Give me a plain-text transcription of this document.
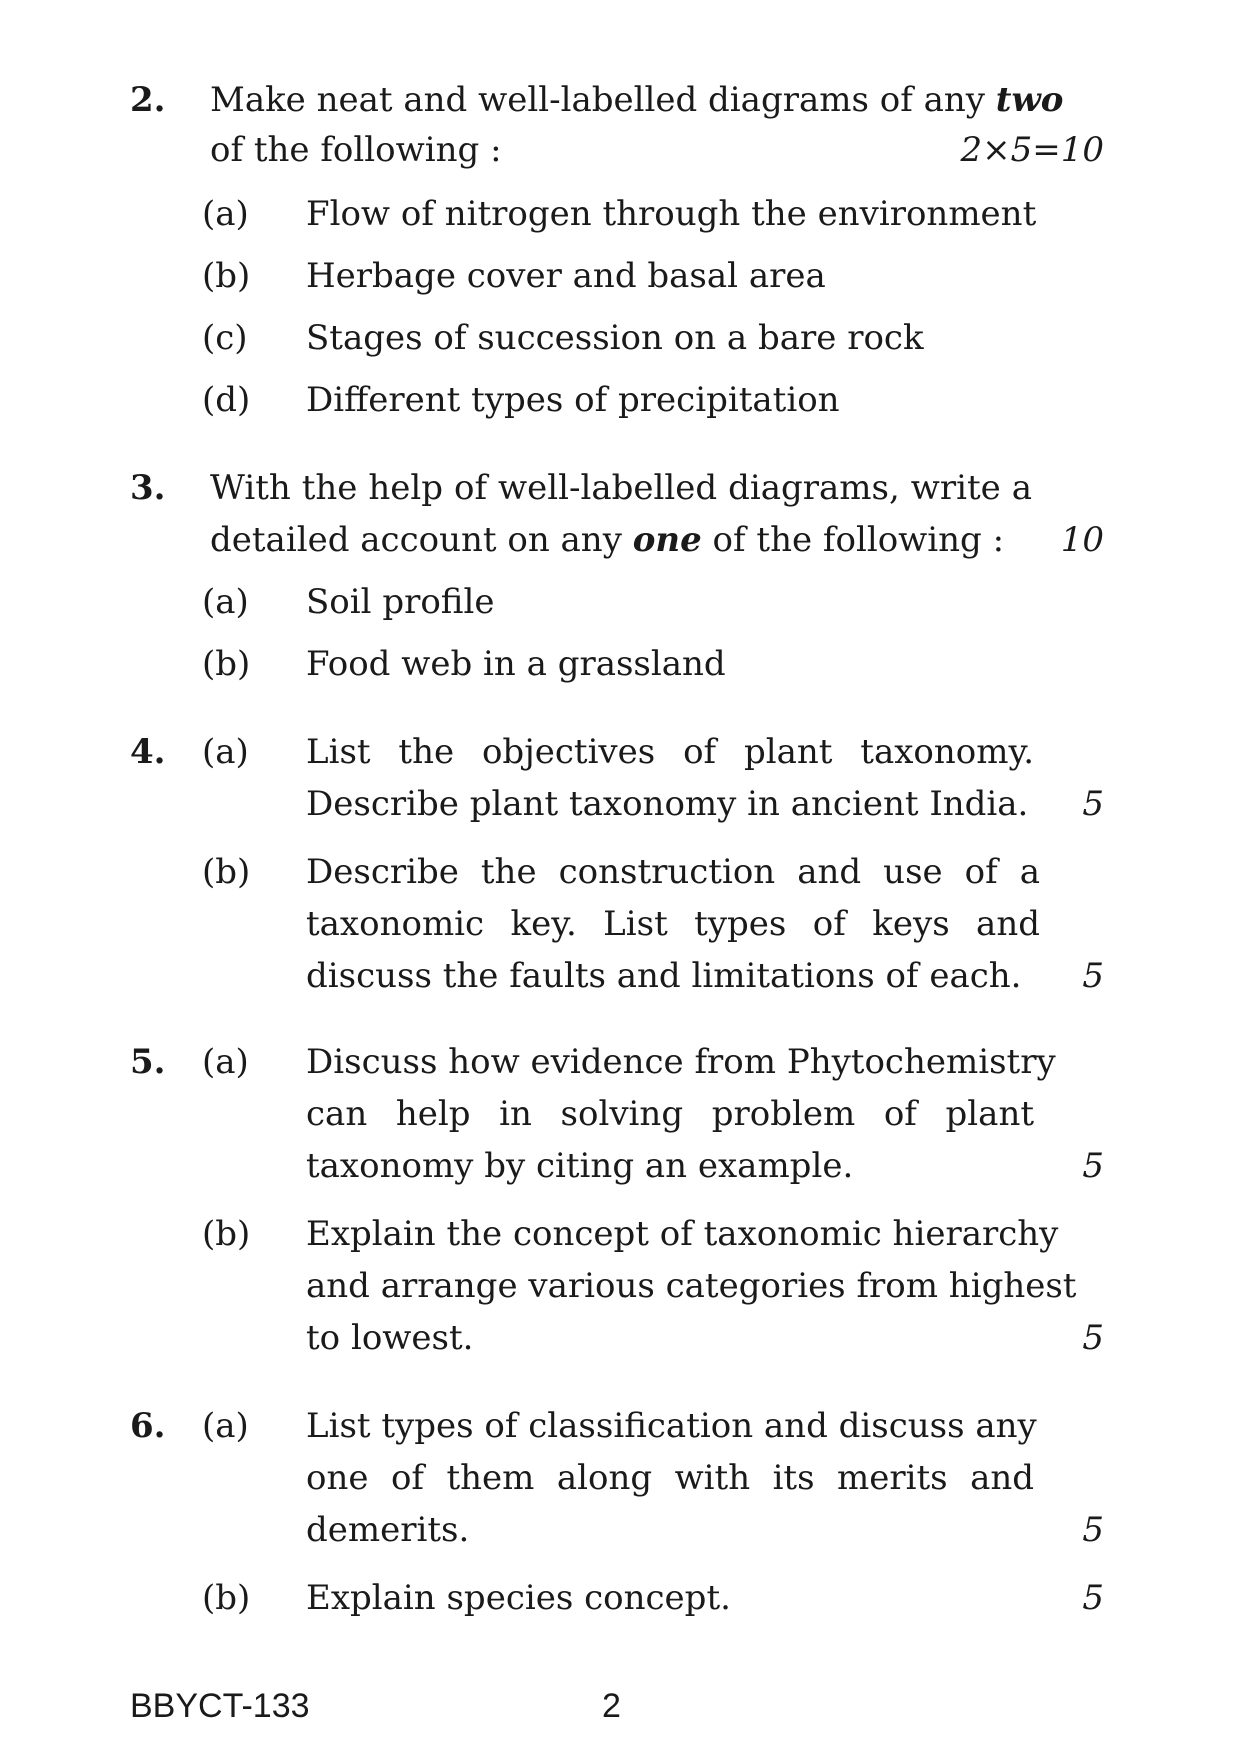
2. Make neat and well-labelled diagrams of any two
of the following :	2×5=10
(a) Flow of nitrogen through the environment
(b) Herbage cover and basal area
(c) Stages of succession on a bare rock
(d) Different types of precipitation
3. With the help of well-labelled diagrams, write a
detailed account on any one of the following : 10
(a) Soil profile
(b) Food web in a grassland
4. (a) List the objectives of plant taxonomy.
Describe plant taxonomy in ancient India. 5
(b) Describe the construction and use of a
taxonomic key. List types of keys and
discuss the faults and limitations of each. 5
5. (a) Discuss how evidence from Phytochemistry
can help in solving problem of plant
taxonomy by citing an example.	5
(b) Explain the concept of taxonomic hierarchy
and arrange various categories from highest
to lowest.	5
6. (a) List types of classification and discuss any
one of them along with its merits and
demerits.	5
(b) Explain species concept.	5
BBYCT-133	2
